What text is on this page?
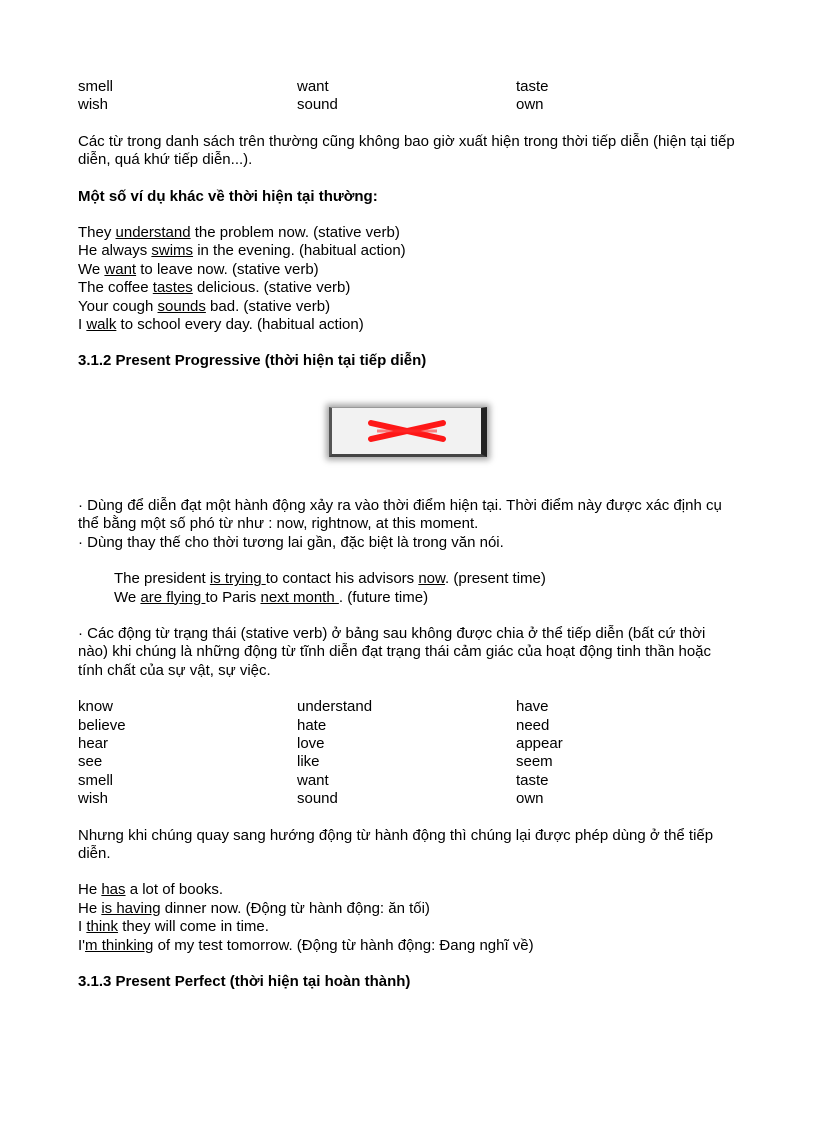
smell	want	taste
wish	sound	own

Các từ trong danh sách trên thường cũng không bao giờ xuất hiện trong thời tiếp diễn (hiện tại tiếp diễn, quá khứ tiếp diễn...).

Một số ví dụ khác về thời hiện tại thường:

They understand the problem now. (stative verb)

He always swims in the evening. (habitual action)

We want to leave now. (stative verb)

The coffee tastes delicious. (stative verb)

Your cough sounds bad. (stative verb)

I walk to school every day. (habitual action)

3.1.2 Present Progressive (thời hiện tại tiếp diễn)

· Dùng để diễn đạt một hành động xảy ra vào thời điểm hiện tại. Thời điểm này được xác định cụ thể bằng một số phó từ như : now, rightnow, at this moment.

· Dùng thay thế cho thời tương lai gần, đặc biệt là trong văn nói.

The president is trying to contact his advisors now. (present time)

We are flying to Paris next month . (future time)

· Các động từ trạng thái (stative verb) ở bảng sau không được chia ở thể tiếp diễn (bất cứ thời nào) khi chúng là những động từ tĩnh diễn đạt trạng thái cảm giác của hoạt động tinh thần hoặc tính chất của sự vật, sự việc.

know	understand	have
believe	hate	need
hear	love	appear
see	like	seem
smell	want	taste
wish	sound	own

Nhưng khi chúng quay sang hướng động từ hành động thì chúng lại được phép dùng ở thể tiếp diễn.

He has a lot of books.

He is having dinner now. (Động từ hành động: ăn tối)

I think they will come in time.

I'm thinking of my test tomorrow. (Động từ hành động: Đang nghĩ về)

3.1.3 Present Perfect (thời hiện tại hoàn thành)
